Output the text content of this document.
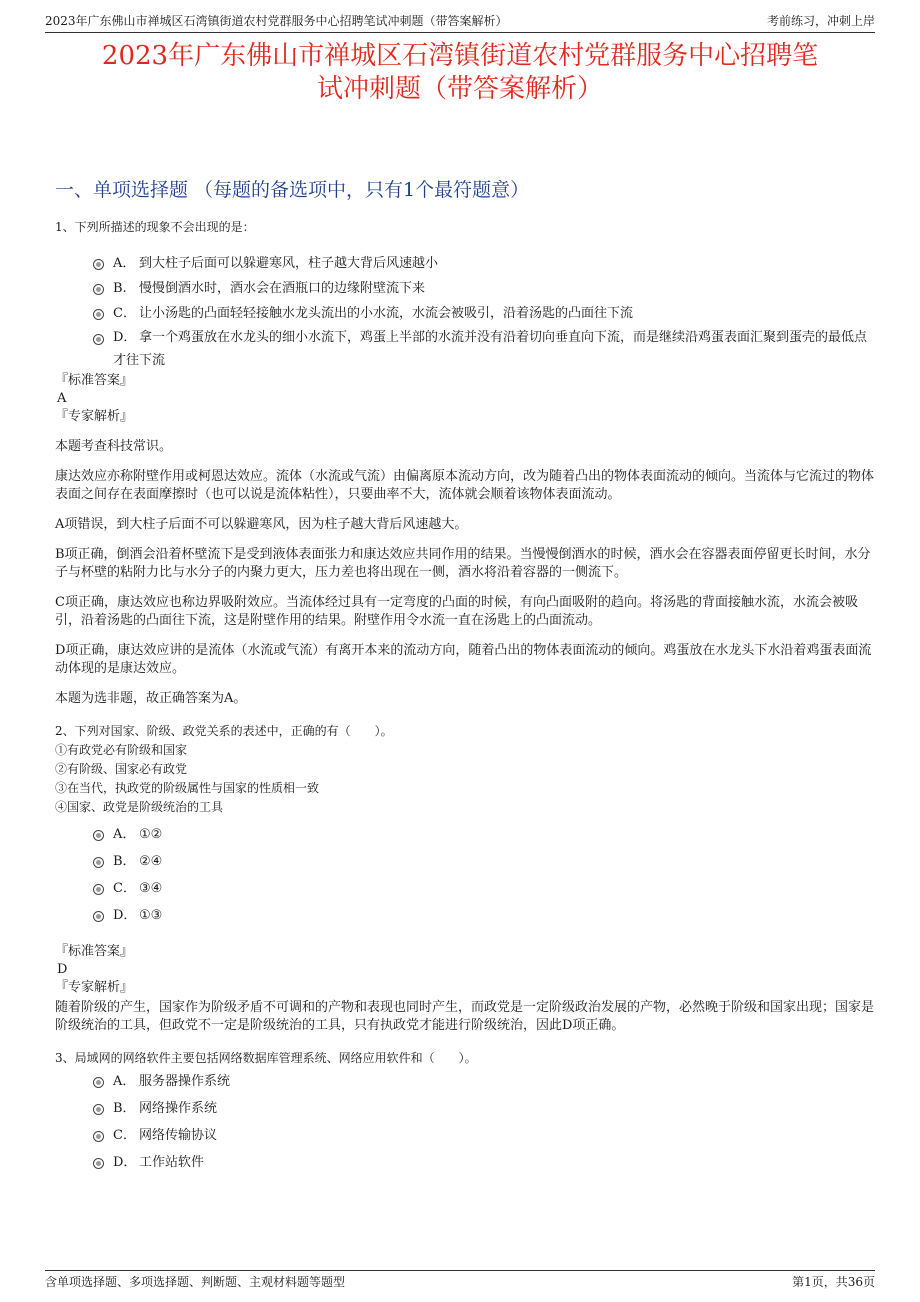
2023年广东佛山市禅城区石湾镇街道农村党群服务中心招聘笔试冲刺题（带答案解析）	考前练习，冲刺上岸
2023年广东佛山市禅城区石湾镇街道农村党群服务中心招聘笔
试冲刺题（带答案解析）
一、单项选择题 （每题的备选项中，只有1个最符题意）
1、下列所描述的现象不会出现的是：
A． 到大柱子后面可以躲避寒风，柱子越大背后风速越小
B. 慢慢倒酒水时，酒水会在酒瓶口的边缘附壁流下来
C． 让小汤匙的凸面轻轻接触水龙头流出的小水流，水流会被吸引，沿着汤匙的凸面往下流
D． 拿一个鸡蛋放在水龙头的细小水流下，鸡蛋上半部的水流并没有沿着切向垂直向下流，而是继续沿鸡蛋表面汇聚到蛋壳的最低点才往下流
『标准答案』
A
『专家解析』
本题考查科技常识。
康达效应亦称附壁作用或柯恩达效应。流体（水流或气流）由偏离原本流动方向，改为随着凸出的物体表面流动的倾向。当流体与它流过的物体表面之间存在表面摩擦时（也可以说是流体粘性），只要曲率不大，流体就会顺着该物体表面流动。
A项错误，到大柱子后面不可以躲避寒风，因为柱子越大背后风速越大。
B项正确，倒酒会沿着杯壁流下是受到液体表面张力和康达效应共同作用的结果。当慢慢倒酒水的时候，酒水会在容器表面停留更长时间，水分子与杯壁的粘附力比与水分子的内聚力更大，压力差也将出现在一侧，酒水将沿着容器的一侧流下。
C项正确，康达效应也称边界吸附效应。当流体经过具有一定弯度的凸面的时候，有向凸面吸附的趋向。将汤匙的背面接触水流，水流会被吸引，沿着汤匙的凸面往下流，这是附壁作用的结果。附壁作用令水流一直在汤匙上的凸面流动。
D项正确，康达效应讲的是流体（水流或气流）有离开本来的流动方向，随着凸出的物体表面流动的倾向。鸡蛋放在水龙头下水沿着鸡蛋表面流动体现的是康达效应。
本题为选非题，故正确答案为A。
2、下列对国家、阶级、政党关系的表述中，正确的有（　　）。
①有政党必有阶级和国家
②有阶级、国家必有政党
③在当代，执政党的阶级属性与国家的性质相一致
④国家、政党是阶级统治的工具
A． ①②
B． ②④
C． ③④
D． ①③
『标准答案』
D
『专家解析』
随着阶级的产生，国家作为阶级矛盾不可调和的产物和表现也同时产生，而政党是一定阶级政治发展的产物，必然晚于阶级和国家出现；国家是阶级统治的工具，但政党不一定是阶级统治的工具，只有执政党才能进行阶级统治，因此D项正确。
3、局域网的网络软件主要包括网络数据库管理系统、网络应用软件和（　　）。
A． 服务器操作系统
B． 网络操作系统
C． 网络传输协议
D． 工作站软件
含单项选择题、多项选择题、判断题、主观材料题等题型	第1页，共36页
